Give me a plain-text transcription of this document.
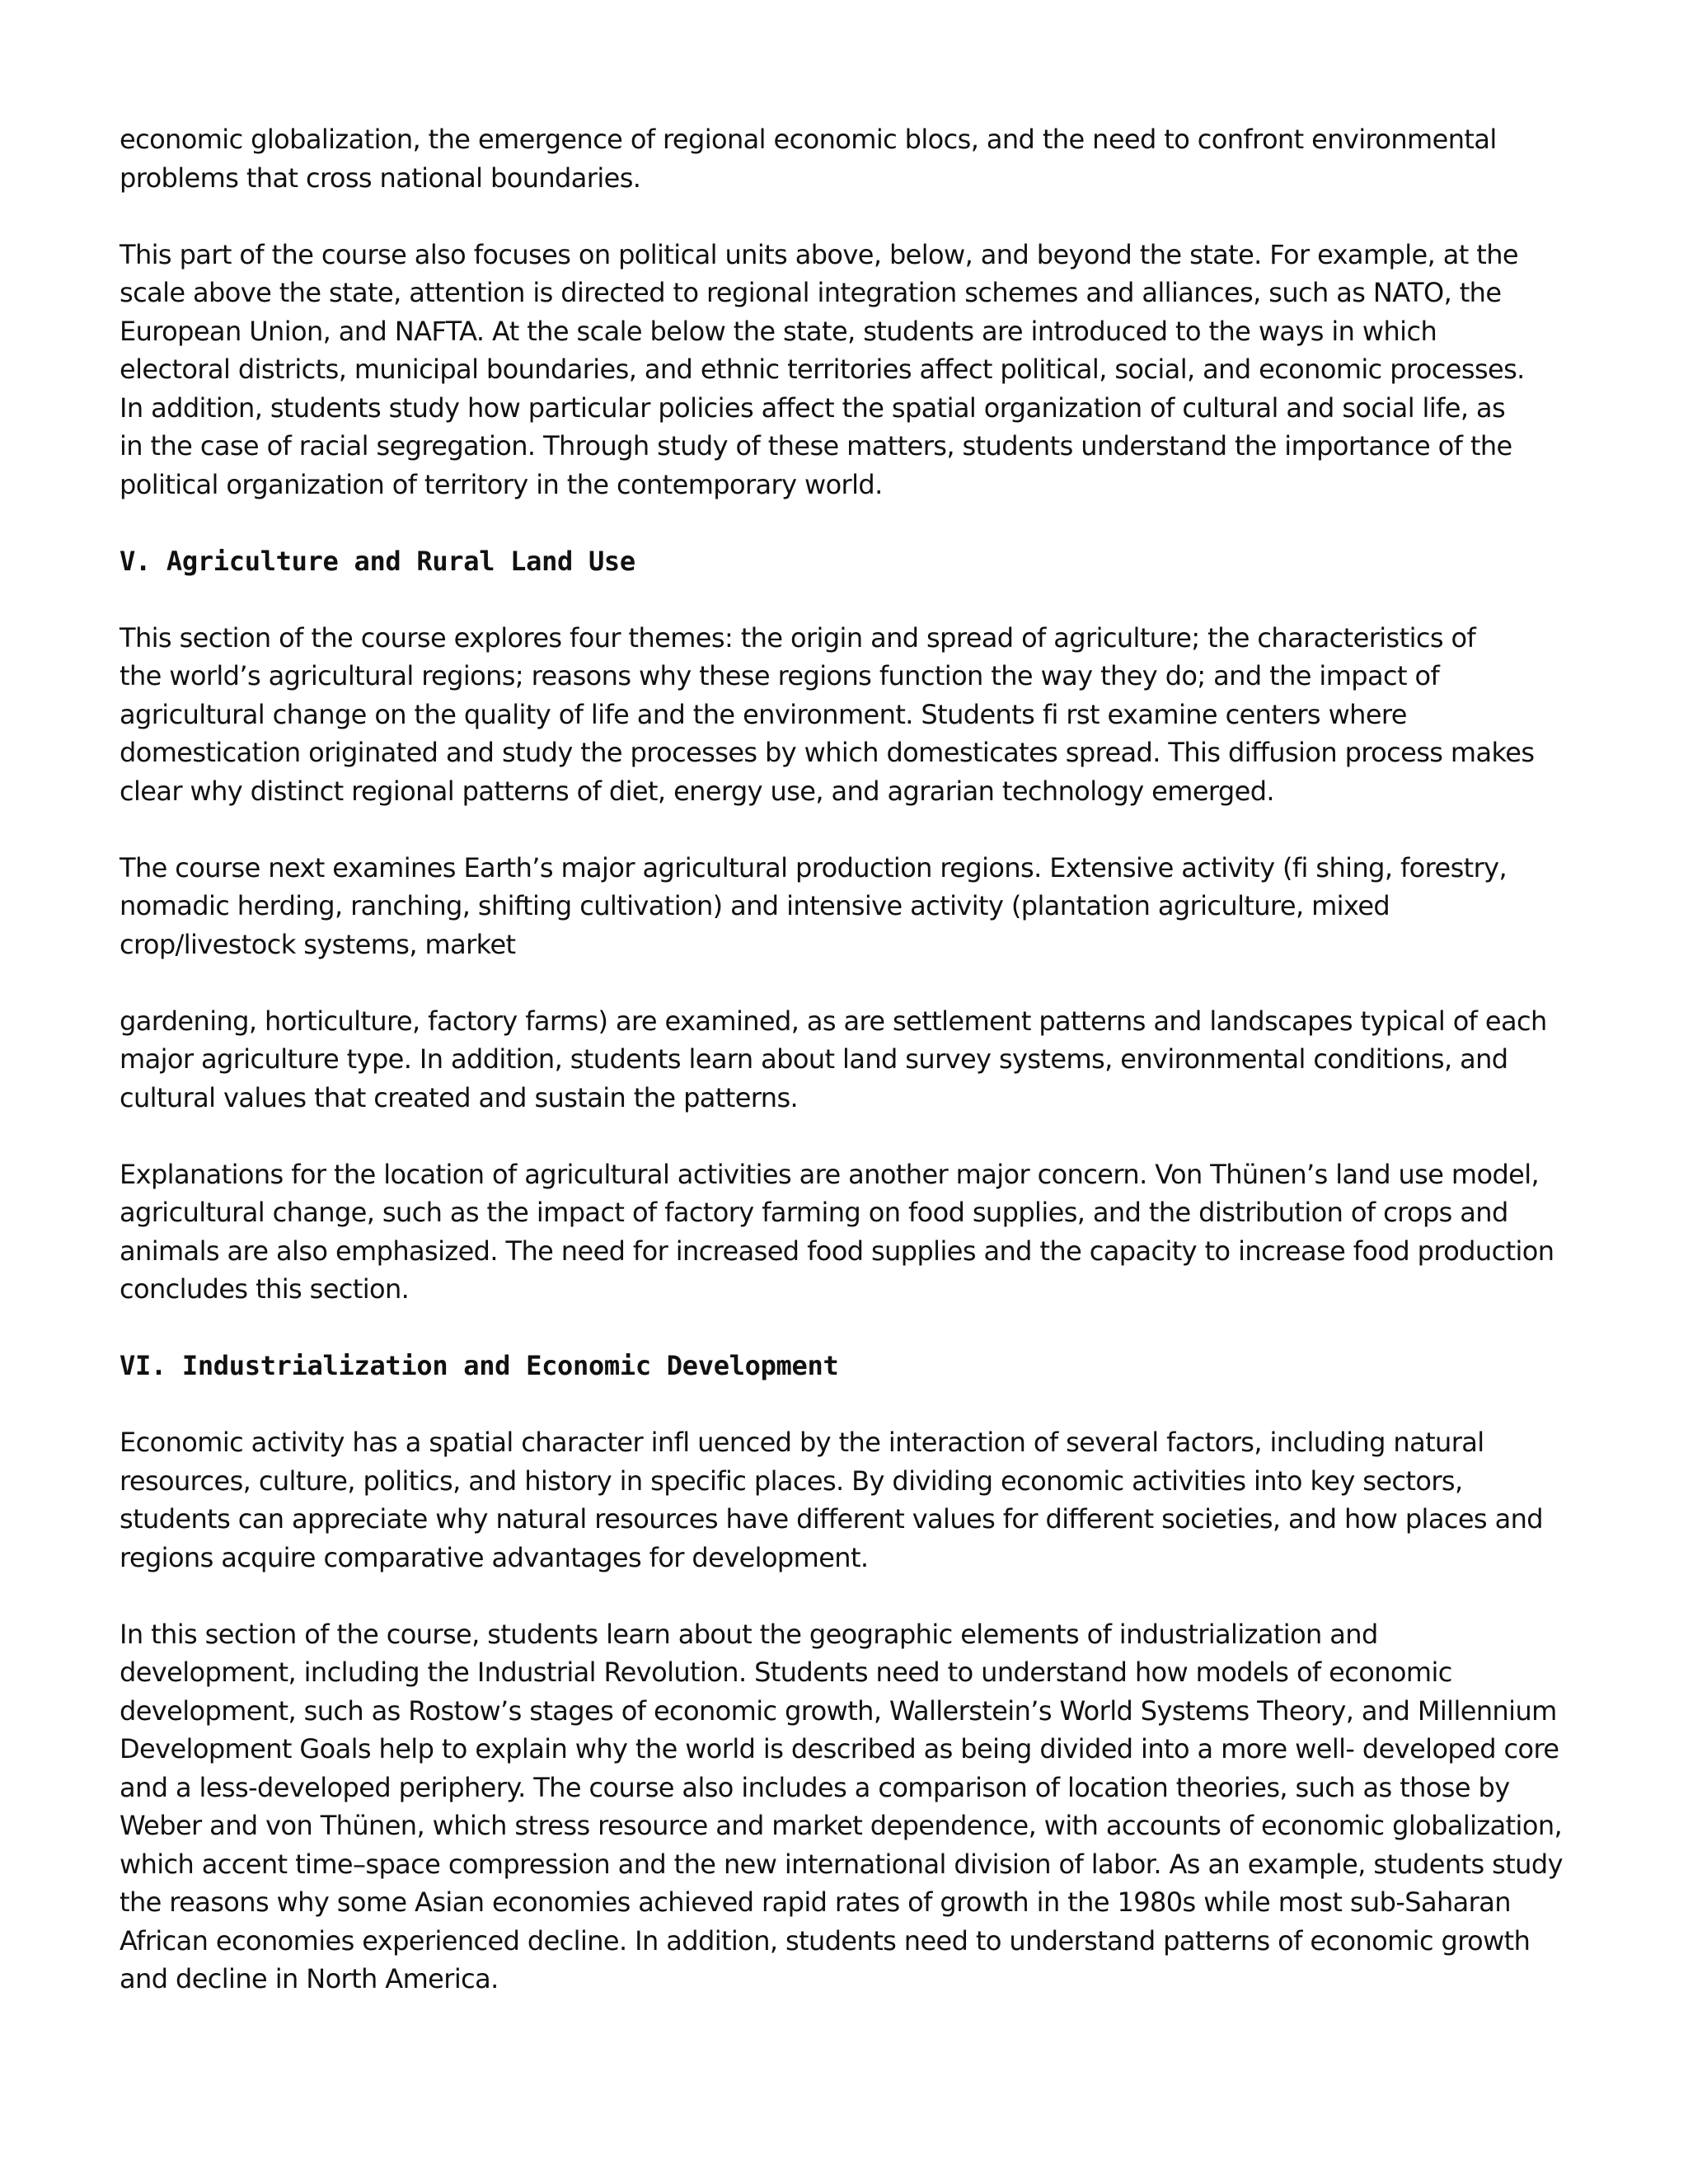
economic globalization, the emergence of regional economic blocs, and the need to confront environmental
problems that cross national boundaries.

This part of the course also focuses on political units above, below, and beyond the state. For example, at the
scale above the state, attention is directed to regional integration schemes and alliances, such as NATO, the
European Union, and NAFTA. At the scale below the state, students are introduced to the ways in which
electoral districts, municipal boundaries, and ethnic territories affect political, social, and economic processes.
In addition, students study how particular policies affect the spatial organization of cultural and social life, as
in the case of racial segregation. Through study of these matters, students understand the importance of the
political organization of territory in the contemporary world.

V. Agriculture and Rural Land Use

This section of the course explores four themes: the origin and spread of agriculture; the characteristics of
the world’s agricultural regions; reasons why these regions function the way they do; and the impact of
agricultural change on the quality of life and the environment. Students fi rst examine centers where
domestication originated and study the processes by which domesticates spread. This diffusion process makes
clear why distinct regional patterns of diet, energy use, and agrarian technology emerged.

The course next examines Earth’s major agricultural production regions. Extensive activity (fi shing, forestry,
nomadic herding, ranching, shifting cultivation) and intensive activity (plantation agriculture, mixed
crop/livestock systems, market

gardening, horticulture, factory farms) are examined, as are settlement patterns and landscapes typical of each
major agriculture type. In addition, students learn about land survey systems, environmental conditions, and
cultural values that created and sustain the patterns.

Explanations for the location of agricultural activities are another major concern. Von Thünen’s land use model,
agricultural change, such as the impact of factory farming on food supplies, and the distribution of crops and
animals are also emphasized. The need for increased food supplies and the capacity to increase food production
concludes this section.

VI. Industrialization and Economic Development

Economic activity has a spatial character infl uenced by the interaction of several factors, including natural
resources, culture, politics, and history in specific places. By dividing economic activities into key sectors,
students can appreciate why natural resources have different values for different societies, and how places and
regions acquire comparative advantages for development.

In this section of the course, students learn about the geographic elements of industrialization and
development, including the Industrial Revolution. Students need to understand how models of economic
development, such as Rostow’s stages of economic growth, Wallerstein’s World Systems Theory, and Millennium
Development Goals help to explain why the world is described as being divided into a more well- developed core
and a less-developed periphery. The course also includes a comparison of location theories, such as those by
Weber and von Thünen, which stress resource and market dependence, with accounts of economic globalization,
which accent time–space compression and the new international division of labor. As an example, students study
the reasons why some Asian economies achieved rapid rates of growth in the 1980s while most sub-Saharan
African economies experienced decline. In addition, students need to understand patterns of economic growth
and decline in North America.
